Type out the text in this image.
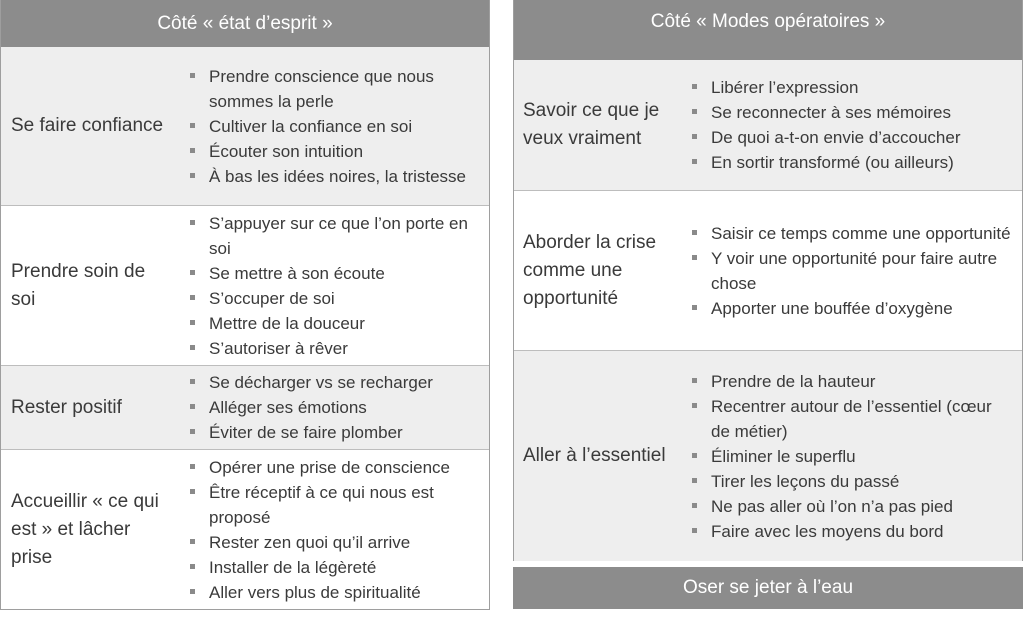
Côté « état d’esprit »
Se faire confiance
Prendre conscience que nous sommes la perle
Cultiver la confiance en soi
Écouter son intuition
À bas les idées noires, la tristesse
Prendre soin de soi
S’appuyer sur ce que l’on porte en soi
Se mettre à son écoute
S’occuper de soi
Mettre de la douceur
S’autoriser à rêver
Rester positif
Se décharger vs se recharger
Alléger ses émotions
Éviter de se faire plomber
Accueillir « ce qui est » et lâcher prise
Opérer une prise de conscience
Être réceptif à ce qui nous est proposé
Rester zen quoi qu’il arrive
Installer de la légèreté
Aller vers plus de spiritualité
Côté « Modes opératoires »
Savoir ce que je veux vraiment
Libérer l’expression
Se reconnecter à ses mémoires
De quoi a-t-on envie d’accoucher
En sortir transformé (ou ailleurs)
Aborder la crise comme une opportunité
Saisir ce temps comme une opportunité
Y voir une opportunité pour faire autre chose
Apporter une bouffée d’oxygène
Aller à l’essentiel
Prendre de la hauteur
Recentrer autour de l’essentiel (cœur de métier)
Éliminer le superflu
Tirer les leçons du passé
Ne pas aller où l’on n’a pas pied
Faire avec les moyens du bord
Oser se jeter à l’eau
